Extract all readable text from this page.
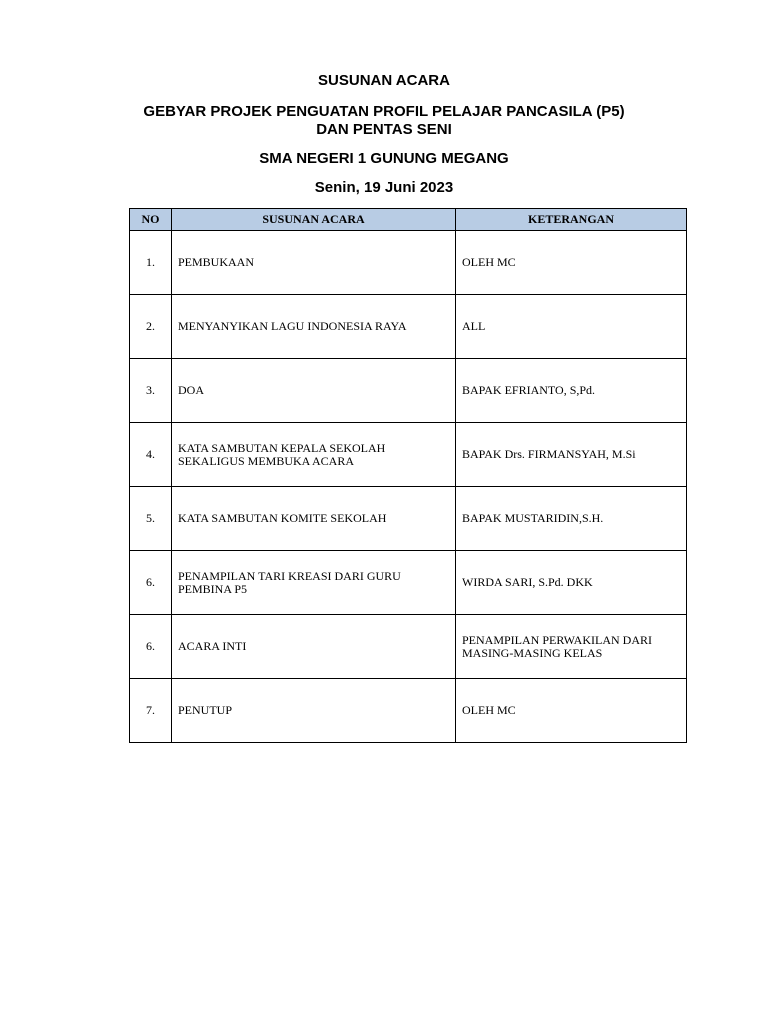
SUSUNAN ACARA
GEBYAR PROJEK PENGUATAN PROFIL PELAJAR PANCASILA (P5)
DAN PENTAS SENI
SMA NEGERI 1 GUNUNG MEGANG
Senin, 19 Juni 2023
NO	SUSUNAN ACARA	KETERANGAN
1.	PEMBUKAAN	OLEH MC
2.	MENYANYIKAN LAGU INDONESIA RAYA	ALL
3.	DOA	BAPAK EFRIANTO, S,Pd.
4.	KATA SAMBUTAN KEPALA SEKOLAH SEKALIGUS MEMBUKA ACARA	BAPAK Drs. FIRMANSYAH, M.Si
5.	KATA SAMBUTAN KOMITE SEKOLAH	BAPAK MUSTARIDIN,S.H.
6.	PENAMPILAN TARI KREASI DARI GURU PEMBINA P5	WIRDA SARI, S.Pd. DKK
6.	ACARA INTI	PENAMPILAN PERWAKILAN DARI MASING-MASING KELAS
7.	PENUTUP	OLEH MC
